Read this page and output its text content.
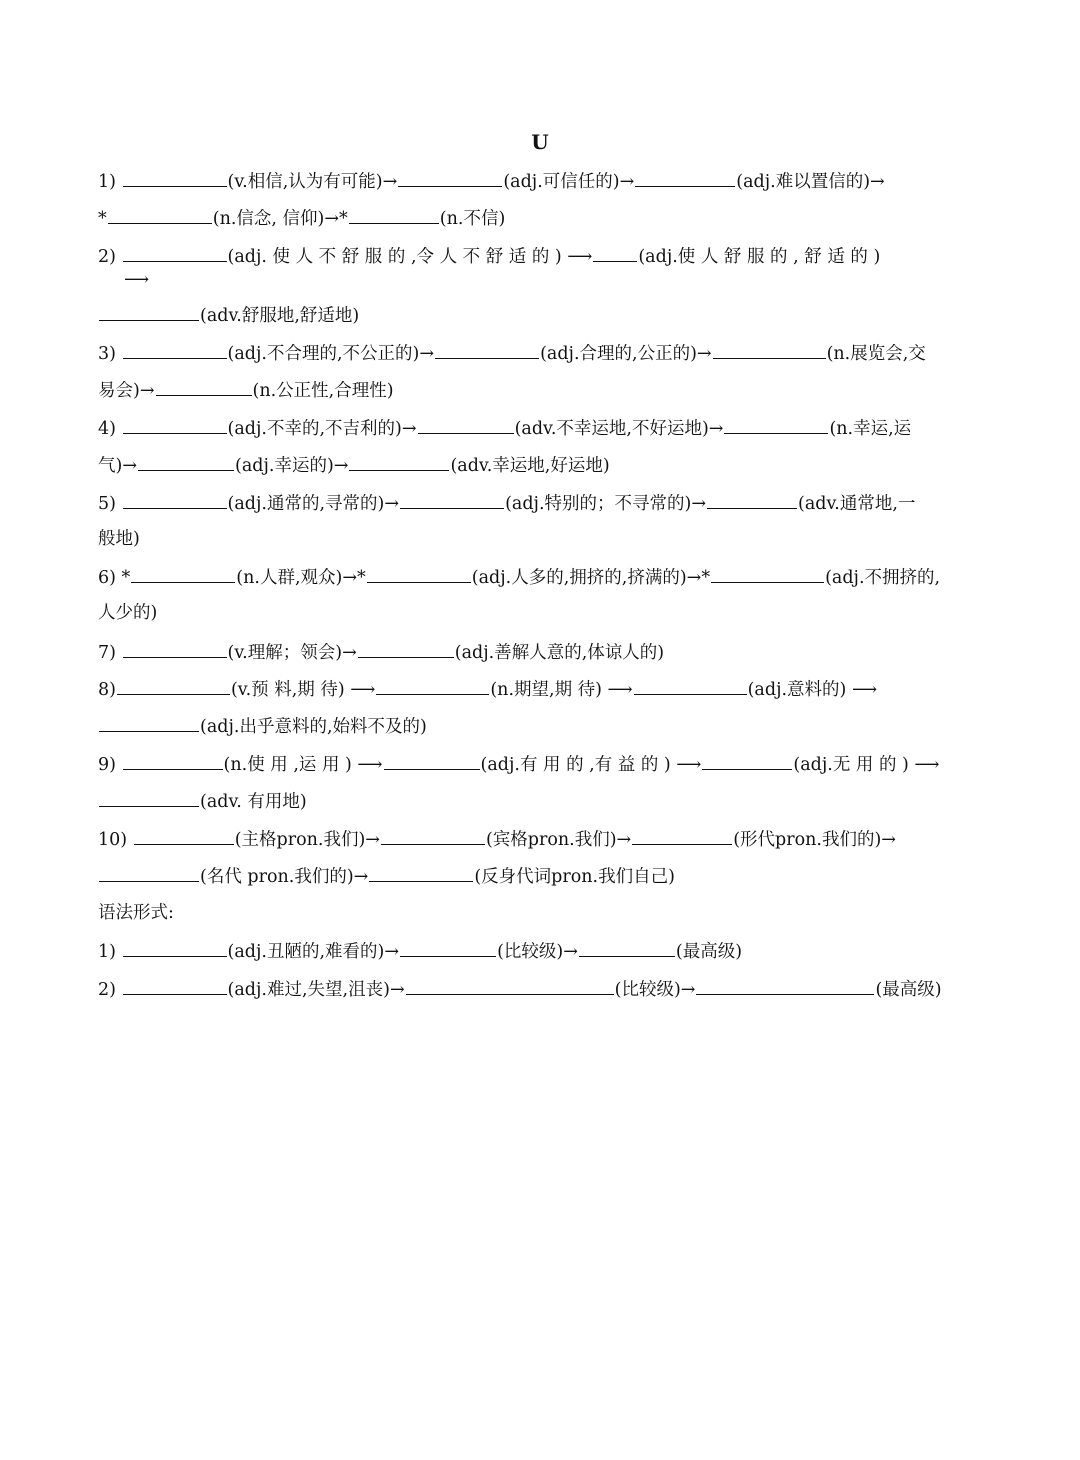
U
1)	(v.相信,认为有可能)→	(adj.可信任的)→	(adj.难以置信的)→
*	(n.信念, 信仰)→*	(n.不信)
2)	(adj. 使 人 不 舒 服 的 ,令 人 不 舒 适 的 ) ⟶	(adj.使 人 舒 服 的 , 舒 适 的 )
⟶
(adv.舒服地,舒适地)
3)	(adj.不合理的,不公正的)→	(adj.合理的,公正的)→	(n.展览会,交
易会)→	(n.公正性,合理性)
4)	(adj.不幸的,不吉利的)→	(adv.不幸运地,不好运地)→	(n.幸运,运
气)→	(adj.幸运的)→	(adv.幸运地,好运地)
5)	(adj.通常的,寻常的)→	(adj.特别的；不寻常的)→	(adv.通常地,一
般地)
6) *	(n.人群,观众)→*	(adj.人多的,拥挤的,挤满的)→*	(adj.不拥挤的,
人少的)
7)	(v.理解；领会)→	(adj.善解人意的,体谅人的)
8)	(v.预 料,期 待) ⟶	(n.期望,期 待) ⟶	(adj.意料的) ⟶
(adj.出乎意料的,始料不及的)
9)	(n.使 用 ,运 用 ) ⟶	(adj.有 用 的 ,有 益 的 ) ⟶	(adj.无 用 的 ) ⟶
(adv. 有用地)
10)	(主格pron.我们)→	(宾格pron.我们)→	(形代pron.我们的)→
(名代 pron.我们的)→	(反身代词pron.我们自己)
语法形式:
1)	(adj.丑陋的,难看的)→	(比较级)→	(最高级)
2)	(adj.难过,失望,沮丧)→	(比较级)→	(最高级)
